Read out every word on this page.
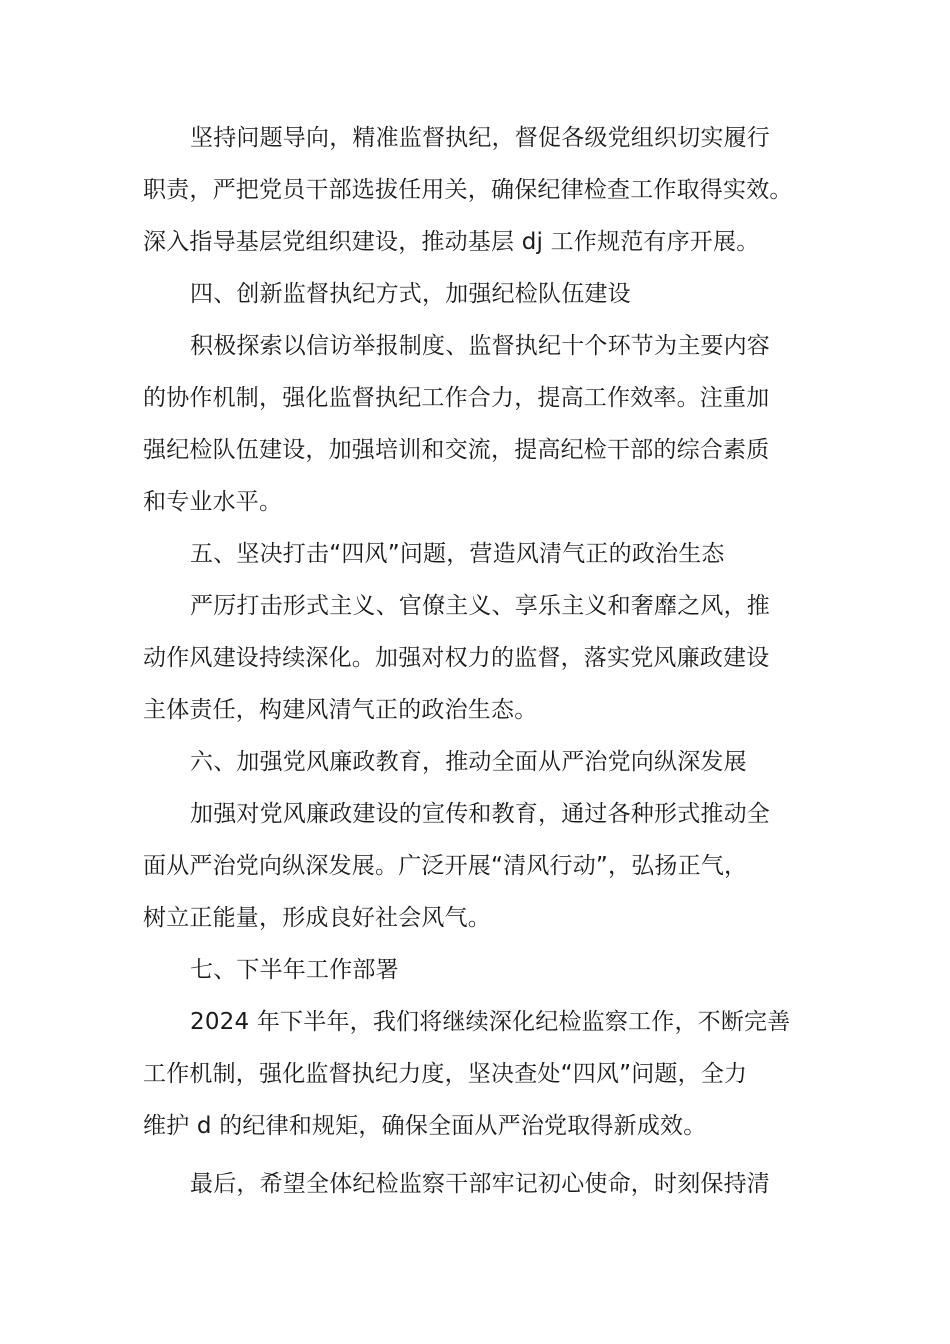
坚持问题导向，精准监督执纪，督促各级党组织切实履行
职责，严把党员干部选拔任用关，确保纪律检查工作取得实效。
深入指导基层党组织建设，推动基层 dj 工作规范有序开展。
四、创新监督执纪方式，加强纪检队伍建设
积极探索以信访举报制度、监督执纪十个环节为主要内容
的协作机制，强化监督执纪工作合力，提高工作效率。注重加
强纪检队伍建设，加强培训和交流，提高纪检干部的综合素质
和专业水平。
五、坚决打击“四风”问题，营造风清气正的政治生态
严厉打击形式主义、官僚主义、享乐主义和奢靡之风，推
动作风建设持续深化。加强对权力的监督，落实党风廉政建设
主体责任，构建风清气正的政治生态。
六、加强党风廉政教育，推动全面从严治党向纵深发展
加强对党风廉政建设的宣传和教育，通过各种形式推动全
面从严治党向纵深发展。广泛开展“清风行动”，弘扬正气，
树立正能量，形成良好社会风气。
七、下半年工作部署
2024 年下半年，我们将继续深化纪检监察工作，不断完善
工作机制，强化监督执纪力度，坚决查处“四风”问题，全力
维护 d 的纪律和规矩，确保全面从严治党取得新成效。
最后，希望全体纪检监察干部牢记初心使命，时刻保持清
